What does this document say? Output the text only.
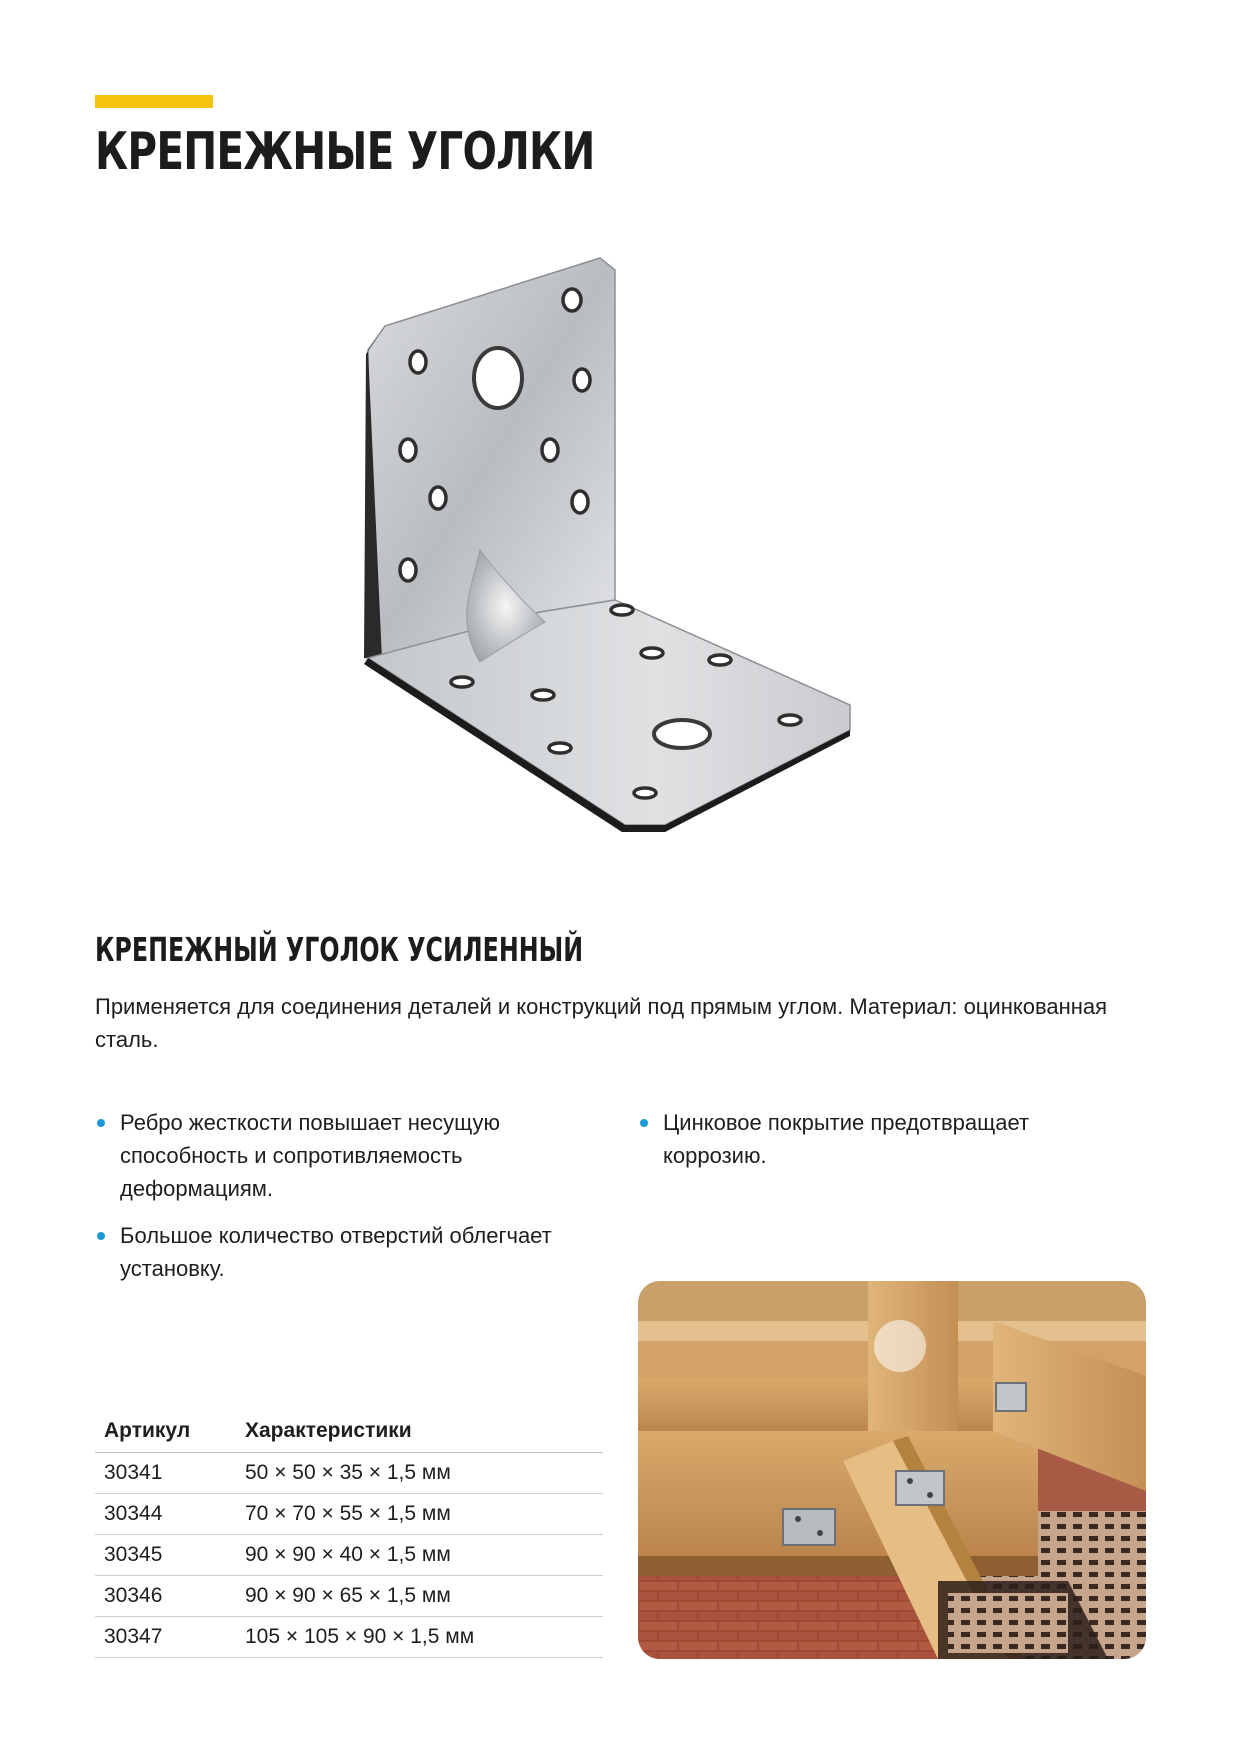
КРЕПЕЖНЫЕ УГОЛКИ
КРЕПЕЖНЫЙ УГОЛОК УСИЛЕННЫЙ

Применяется для соединения деталей и конструкций под прямым углом. Материал: оцинкованная сталь.

Ребро жесткости повышает несущую способность и сопротивляемость деформациям.
Большое количество отверстий облегчает установку.
Цинковое покрытие предотвращает коррозию.
Артикул	Характеристики
30341	50 × 50 × 35 × 1,5 мм
30344	70 × 70 × 55 × 1,5 мм
30345	90 × 90 × 40 × 1,5 мм
30346	90 × 90 × 65 × 1,5 мм
30347	105 × 105 × 90 × 1,5 мм
